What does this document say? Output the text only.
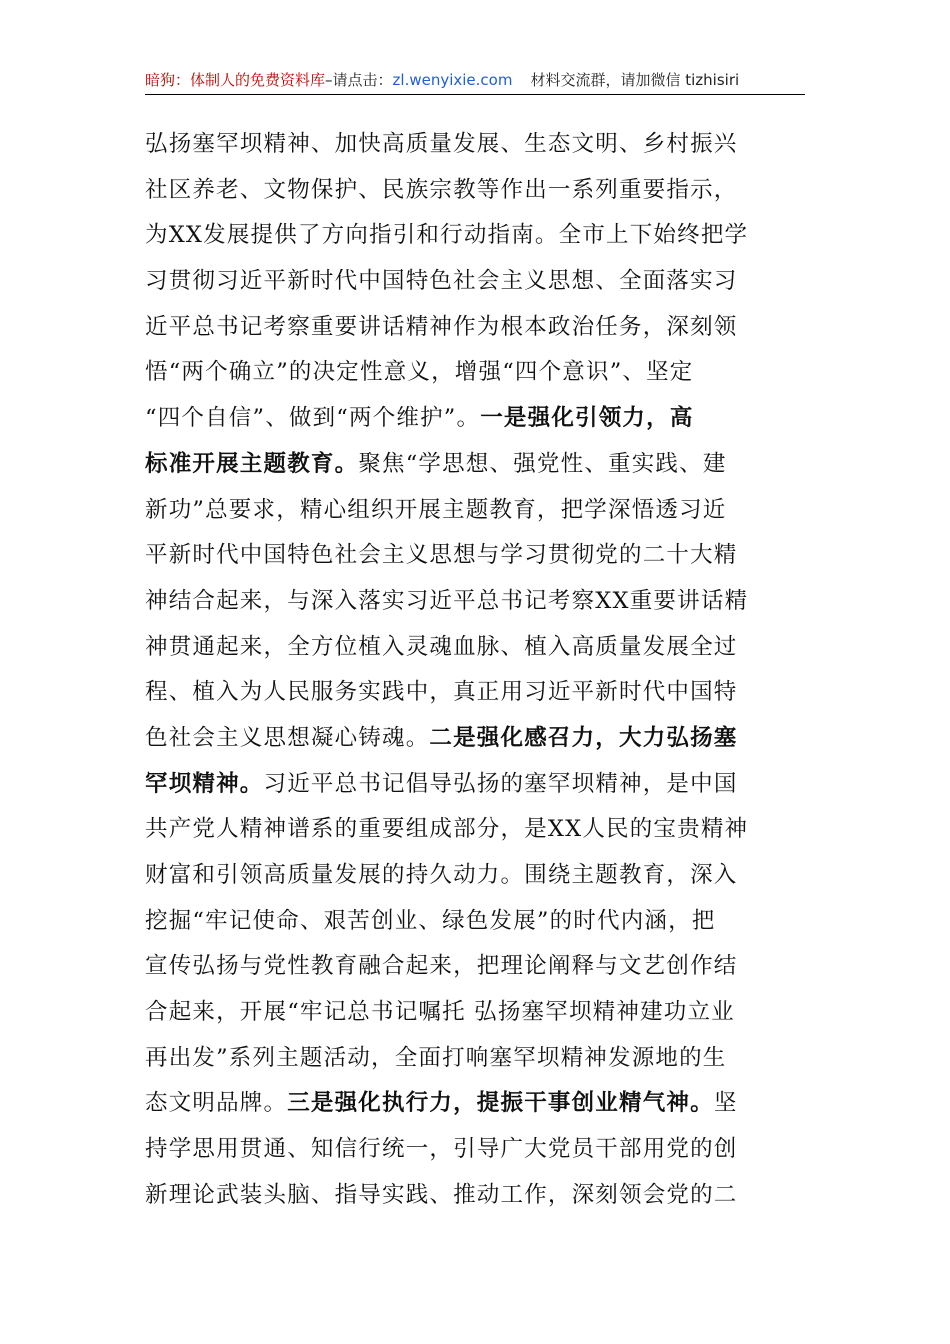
暗狗：体制人的免费资料库–请点击：zl.wenyixie.com 材料交流群，请加微信 tizhisiri
弘扬塞罕坝精神、加快高质量发展、生态文明、乡村振兴
社区养老、文物保护、民族宗教等作出一系列重要指示，
为XX发展提供了方向指引和行动指南。全市上下始终把学
习贯彻习近平新时代中国特色社会主义思想、全面落实习
近平总书记考察重要讲话精神作为根本政治任务，深刻领
悟“两个确立”的决定性意义，增强“四个意识”、坚定
“四个自信”、做到“两个维护”。一是强化引领力，高
标准开展主题教育。聚焦“学思想、强党性、重实践、建
新功”总要求，精心组织开展主题教育，把学深悟透习近
平新时代中国特色社会主义思想与学习贯彻党的二十大精
神结合起来，与深入落实习近平总书记考察XX重要讲话精
神贯通起来，全方位植入灵魂血脉、植入高质量发展全过
程、植入为人民服务实践中，真正用习近平新时代中国特
色社会主义思想凝心铸魂。二是强化感召力，大力弘扬塞
罕坝精神。习近平总书记倡导弘扬的塞罕坝精神，是中国
共产党人精神谱系的重要组成部分，是XX人民的宝贵精神
财富和引领高质量发展的持久动力。围绕主题教育，深入
挖掘“牢记使命、艰苦创业、绿色发展”的时代内涵，把
宣传弘扬与党性教育融合起来，把理论阐释与文艺创作结
合起来，开展“牢记总书记嘱托 弘扬塞罕坝精神建功立业
再出发”系列主题活动，全面打响塞罕坝精神发源地的生
态文明品牌。三是强化执行力，提振干事创业精气神。坚
持学思用贯通、知信行统一，引导广大党员干部用党的创
新理论武装头脑、指导实践、推动工作，深刻领会党的二
